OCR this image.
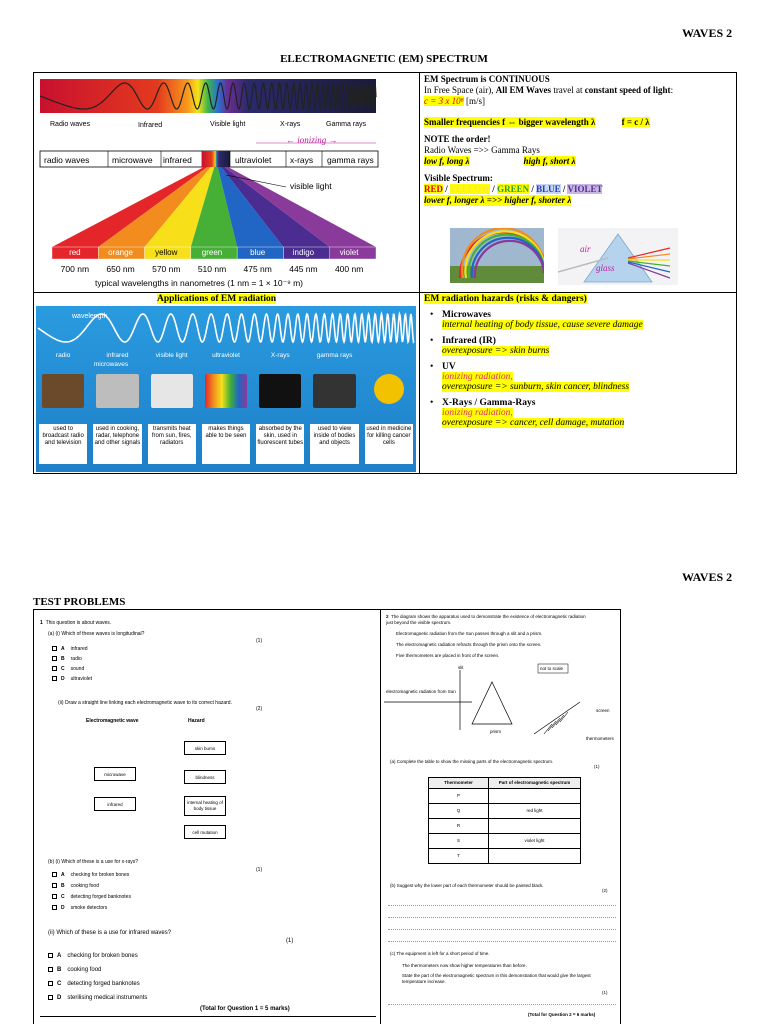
WAVES 2
ELECTROMAGNETIC (EM) SPECTRUM
Radio waves	Infrared	Visible light	X-rays	Gamma rays
← ionizing →
radio waves	microwave infrared	ultraviolet x-rays gamma rays
visible light
red	orange	yellow	green	blue	indigo	violet
700 nm	650 nm	570 nm	510 nm	475 nm	445 nm	400 nm
typical wavelengths in nanometres (1 nm = 1 × 10⁻⁹ m)
EM Spectrum is CONTINUOUS
In Free Space (air), All EM Waves travel at constant speed of light:
c = 3 x 10⁸ [m/s]
Smaller frequencies f ⇔ bigger wavelength λ	f = c / λ
NOTE the order!
Radio Waves =>> Gamma Rays
low f, long λ	high f, short λ
Visible Spectrum:
RED / YELLOW / GREEN / BLUE / VIOLET
lower f, longer λ =>> higher f, shorter λ
air
glass
Applications of EM radiation
wavelength
radio
microwaves
infrared	visible light	ultraviolet	X-rays	gamma rays
used to broadcast radio and television
used in cooking, radar, telephone and other signals
transmits heat from sun, fires, radiators
makes things able to be seen
absorbed by the skin, used in fluorescent tubes
used to view inside of bodies and objects
used in medicine for killing cancer cells
EM radiation hazards (risks & dangers)
• Microwaves
internal heating of body tissue, cause severe damage
• Infrared (IR)
overexposure => skin burns
• UV
ionizing radiation,
overexposure => sunburn, skin cancer, blindness
• X-Rays / Gamma-Rays
ionizing radiation,
overexposure => cancer, cell damage, mutation
WAVES 2
TEST PROBLEMS
1 This question is about waves.
(a) (i) Which of these waves is longitudinal?
(1)
A infrared
B radio
C sound
D ultraviolet
(ii) Draw a straight line linking each electromagnetic wave to its correct hazard.
(2)
Electromagnetic wave	Hazard
microwave
infrared
skin burns
blindness
internal heating of body tissue
cell mutation
(b) (i) Which of these is a use for x-rays?
(1)
A checking for broken bones
B cooking food
C detecting forged banknotes
D smoke detectors
(ii) Which of these is a use for infrared waves?
(1)
A checking for broken bones
B cooking food
C detecting forged banknotes
D sterilising medical instruments
(Total for Question 1 = 5 marks)
2 The diagram shows the apparatus used to demonstrate the existence of electromagnetic radiation just beyond the visible spectrum.
Electromagnetic radiation from the Sun passes through a slit and a prism.
The electromagnetic radiation refracts through the prism onto the screen.
Five thermometers are placed in front of the screen.
slit	not to scale
electromagnetic radiation from Sun
screen
prism
thermometers
(a) Complete the table to show the missing parts of the electromagnetic spectrum.
(1)
Thermometer	Part of electromagnetic spectrum
P	
Q	red light
R	
S	violet light
T	
(b) Suggest why the lower part of each thermometer should be painted black.
(2)
(c) The equipment is left for a short period of time.
The thermometers now show higher temperatures than before.
State the part of the electromagnetic spectrum in this demonstration that would give the largest temperature increase.
(1)
(Total for Question 2 = 6 marks)
